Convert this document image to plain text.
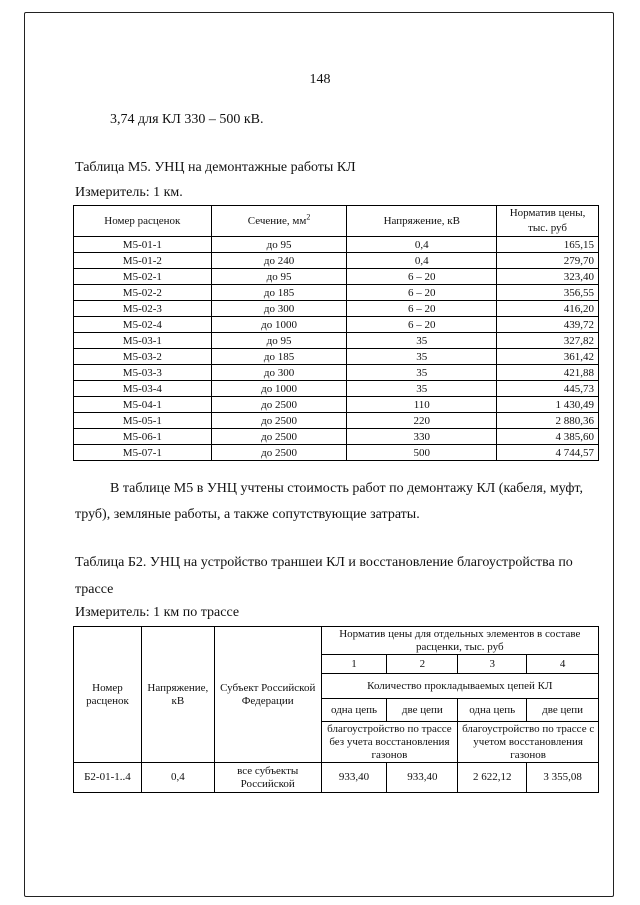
148
3,74 для КЛ 330 – 500 кВ.
Таблица М5. УНЦ на демонтажные работы КЛ
Измеритель: 1 км.
Номер расценок	Сечение, $мм^2$	Напряжение, кВ	Норматив цены, тыс. руб
М5-01-1	до 95	0,4	165,15
М5-01-2	до 240	0,4	279,70
М5-02-1	до 95	6 – 20	323,40
М5-02-2	до 185	6 – 20	356,55
М5-02-3	до 300	6 – 20	416,20
М5-02-4	до 1000	6 – 20	439,72
М5-03-1	до 95	35	327,82
М5-03-2	до 185	35	361,42
М5-03-3	до 300	35	421,88
М5-03-4	до 1000	35	445,73
М5-04-1	до 2500	110	1 430,49
М5-05-1	до 2500	220	2 880,36
М5-06-1	до 2500	330	4 385,60
М5-07-1	до 2500	500	4 744,57
В таблице М5 в УНЦ учтены стоимость работ по демонтажу КЛ (кабеля, муфт,
труб), земляные работы, а также сопутствующие затраты.
Таблица Б2. УНЦ на устройство траншеи КЛ и восстановление благоустройства по
трассе
Измеритель: 1 км по трассе
Номер расценок	Напряжение, кВ	Субъект Российской Федерации	Норматив цены для отдельных элементов в составе расценки, тыс. руб			
			1	2	3	4
			Количество прокладываемых цепей КЛ			
			одна цепь	две цепи	одна цепь	две цепи
			благоустройство по трассе без учета восстановления газонов		благоустройство по трассе с учетом восстановления газонов	
Б2-01-1..4	0,4	все субъекты Российской	933,40	933,40	2 622,12	3 355,08
